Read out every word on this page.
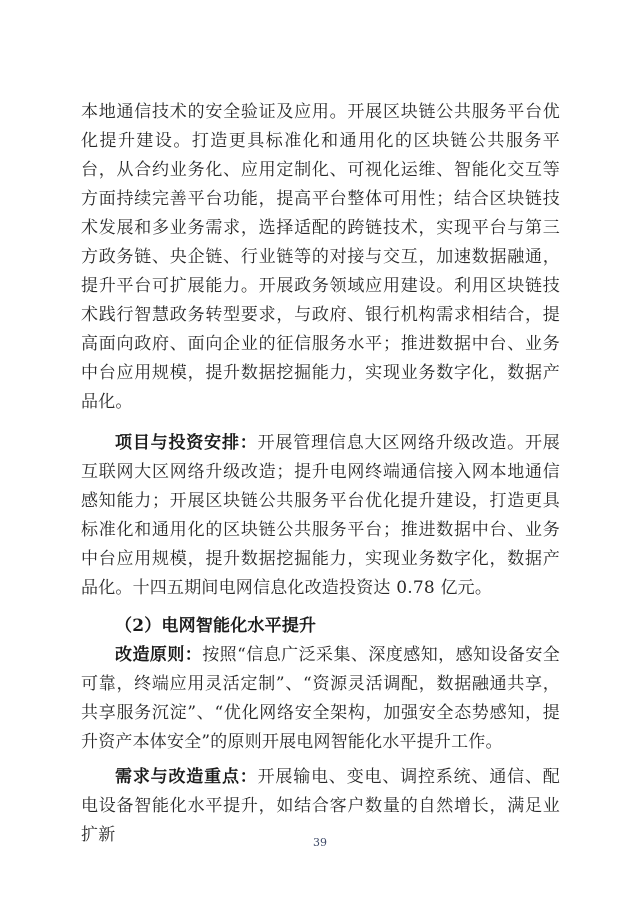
本地通信技术的安全验证及应用。开展区块链公共服务平台优化提升建设。打造更具标准化和通用化的区块链公共服务平台，从合约业务化、应用定制化、可视化运维、智能化交互等方面持续完善平台功能，提高平台整体可用性；结合区块链技术发展和多业务需求，选择适配的跨链技术，实现平台与第三方政务链、央企链、行业链等的对接与交互，加速数据融通，提升平台可扩展能力。开展政务领域应用建设。利用区块链技术践行智慧政务转型要求，与政府、银行机构需求相结合，提高面向政府、面向企业的征信服务水平；推进数据中台、业务中台应用规模，提升数据挖掘能力，实现业务数字化，数据产品化。

项目与投资安排：开展管理信息大区网络升级改造。开展互联网大区网络升级改造；提升电网终端通信接入网本地通信感知能力；开展区块链公共服务平台优化提升建设，打造更具标准化和通用化的区块链公共服务平台；推进数据中台、业务中台应用规模，提升数据挖掘能力，实现业务数字化，数据产品化。十四五期间电网信息化改造投资达 0.78 亿元。

（2）电网智能化水平提升

改造原则：按照“信息广泛采集、深度感知，感知设备安全可靠，终端应用灵活定制”、“资源灵活调配，数据融通共享，共享服务沉淀”、“优化网络安全架构，加强安全态势感知，提升资产本体安全”的原则开展电网智能化水平提升工作。

需求与改造重点：开展输电、变电、调控系统、通信、配电设备智能化水平提升，如结合客户数量的自然增长，满足业扩新	39
